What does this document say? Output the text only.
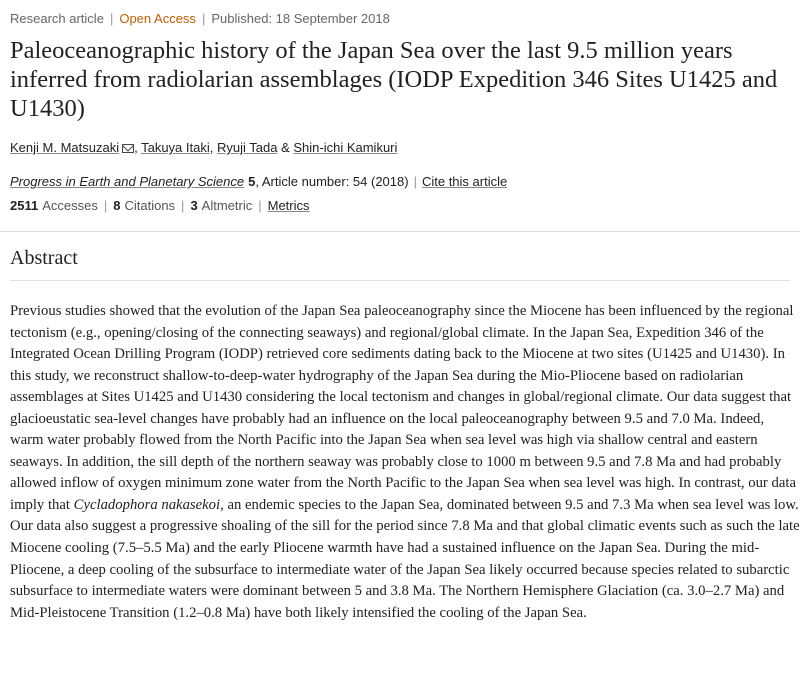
Research article | Open Access | Published: 18 September 2018
Paleoceanographic history of the Japan Sea over the last 9.5 million years inferred from radiolarian assemblages (IODP Expedition 346 Sites U1425 and U1430)
Kenji M. Matsuzaki , Takuya Itaki, Ryuji Tada & Shin-ichi Kamikuri
Progress in Earth and Planetary Science 5, Article number: 54 (2018) | Cite this article
2511 Accesses | 8 Citations | 3 Altmetric | Metrics
Abstract

Previous studies showed that the evolution of the Japan Sea paleoceanography since the Miocene has been influenced by the regional tectonism (e.g., opening/closing of the connecting seaways) and regional/global climate. In the Japan Sea, Expedition 346 of the Integrated Ocean Drilling Program (IODP) retrieved core sediments dating back to the Miocene at two sites (U1425 and U1430). In this study, we reconstruct shallow-to-deep-water hydrography of the Japan Sea during the Mio-Pliocene based on radiolarian assemblages at Sites U1425 and U1430 considering the local tectonism and changes in global/regional climate. Our data suggest that glacioeustatic sea-level changes have probably had an influence on the local paleoceanography between 9.5 and 7.0 Ma. Indeed, warm water probably flowed from the North Pacific into the Japan Sea when sea level was high via shallow central and eastern seaways. In addition, the sill depth of the northern seaway was probably close to 1000 m between 9.5 and 7.8 Ma and had probably allowed inflow of oxygen minimum zone water from the North Pacific to the Japan Sea when sea level was high. In contrast, our data imply that Cycladophora nakasekoi, an endemic species to the Japan Sea, dominated between 9.5 and 7.3 Ma when sea level was low. Our data also suggest a progressive shoaling of the sill for the period since 7.8 Ma and that global climatic events such as such the late Miocene cooling (7.5–5.5 Ma) and the early Pliocene warmth have had a sustained influence on the Japan Sea. During the mid-Pliocene, a deep cooling of the subsurface to intermediate water of the Japan Sea likely occurred because species related to subarctic subsurface to intermediate waters were dominant between 5 and 3.8 Ma. The Northern Hemisphere Glaciation (ca. 3.0–2.7 Ma) and Mid-Pleistocene Transition (1.2–0.8 Ma) have both likely intensified the cooling of the Japan Sea.
